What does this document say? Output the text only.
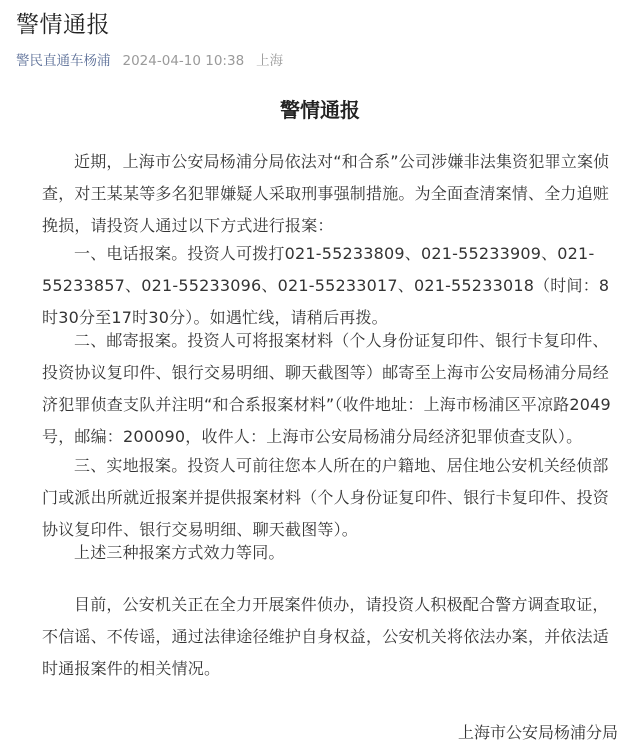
警情通报
警民直通车杨浦 2024-04-10 10:38 上海
警情通报
近期，上海市公安局杨浦分局依法对“和合系”公司涉嫌非法集资犯罪立案侦查，对王某某等多名犯罪嫌疑人采取刑事强制措施。为全面查清案情、全力追赃挽损，请投资人通过以下方式进行报案：
一、电话报案。投资人可拨打021-55233809、021-55233909、021-55233857、021-55233096、021-55233017、021-55233018（时间：8时30分至17时30分）。如遇忙线，请稍后再拨。
二、邮寄报案。投资人可将报案材料（个人身份证复印件、银行卡复印件、投资协议复印件、银行交易明细、聊天截图等）邮寄至上海市公安局杨浦分局经济犯罪侦查支队并注明“和合系报案材料”（收件地址：上海市杨浦区平凉路2049号，邮编：200090，收件人：上海市公安局杨浦分局经济犯罪侦查支队）。
三、实地报案。投资人可前往您本人所在的户籍地、居住地公安机关经侦部门或派出所就近报案并提供报案材料（个人身份证复印件、银行卡复印件、投资协议复印件、银行交易明细、聊天截图等）。
上述三种报案方式效力等同。
目前，公安机关正在全力开展案件侦办，请投资人积极配合警方调查取证，不信谣、不传谣，通过法律途径维护自身权益，公安机关将依法办案，并依法适时通报案件的相关情况。
上海市公安局杨浦分局
